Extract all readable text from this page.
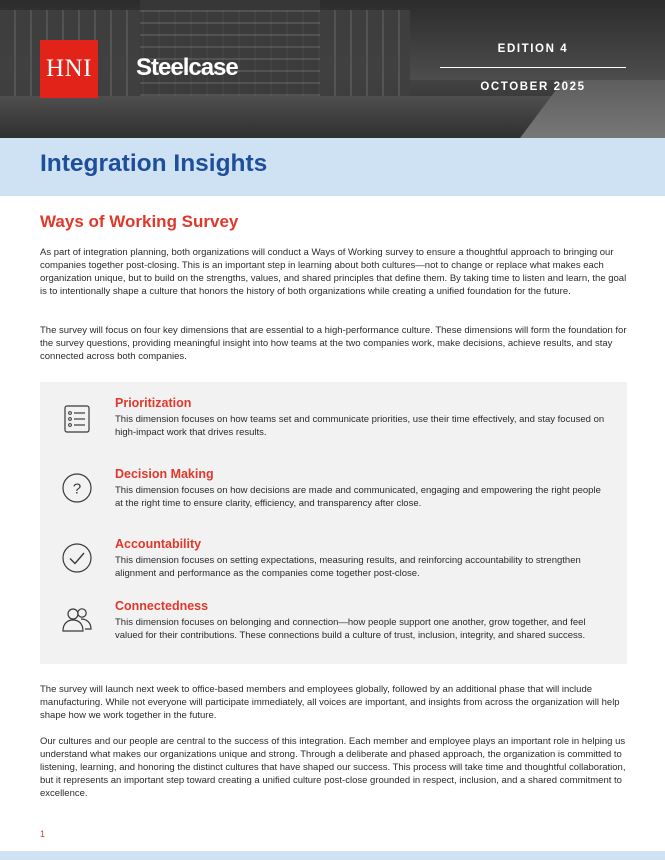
HNI Steelcase
EDITION 4
OCTOBER 2025
Integration Insights
Ways of Working Survey

As part of integration planning, both organizations will conduct a Ways of Working survey to ensure a thoughtful approach to bringing our companies together post-closing. This is an important step in learning about both cultures—not to change or replace what makes each organization unique, but to build on the strengths, values, and shared principles that define them. By taking time to listen and learn, the goal is to intentionally shape a culture that honors the history of both organizations while creating a unified foundation for the future.

The survey will focus on four key dimensions that are essential to a high-performance culture. These dimensions will form the foundation for the survey questions, providing meaningful insight into how teams at the two companies work, make decisions, achieve results, and stay connected across both companies.

Prioritization
This dimension focuses on how teams set and communicate priorities, use their time effectively, and stay focused on high-impact work that drives results.
?
Decision Making
This dimension focuses on how decisions are made and communicated, engaging and empowering the right people at the right time to ensure clarity, efficiency, and transparency after close.
Accountability
This dimension focuses on setting expectations, measuring results, and reinforcing accountability to strengthen alignment and performance as the companies come together post-close.
Connectedness
This dimension focuses on belonging and connection—how people support one another, grow together, and feel valued for their contributions. These connections build a culture of trust, inclusion, integrity, and shared success.

The survey will launch next week to office-based members and employees globally, followed by an additional phase that will include manufacturing. While not everyone will participate immediately, all voices are important, and insights from across the organization will help shape how we work together in the future.

Our cultures and our people are central to the success of this integration. Each member and employee plays an important role in helping us understand what makes our organizations unique and strong. Through a deliberate and phased approach, the organization is committed to listening, learning, and honoring the distinct cultures that have shaped our success. This process will take time and thoughtful collaboration, but it represents an important step toward creating a unified culture post-close grounded in respect, inclusion, and a shared commitment to excellence.

1
